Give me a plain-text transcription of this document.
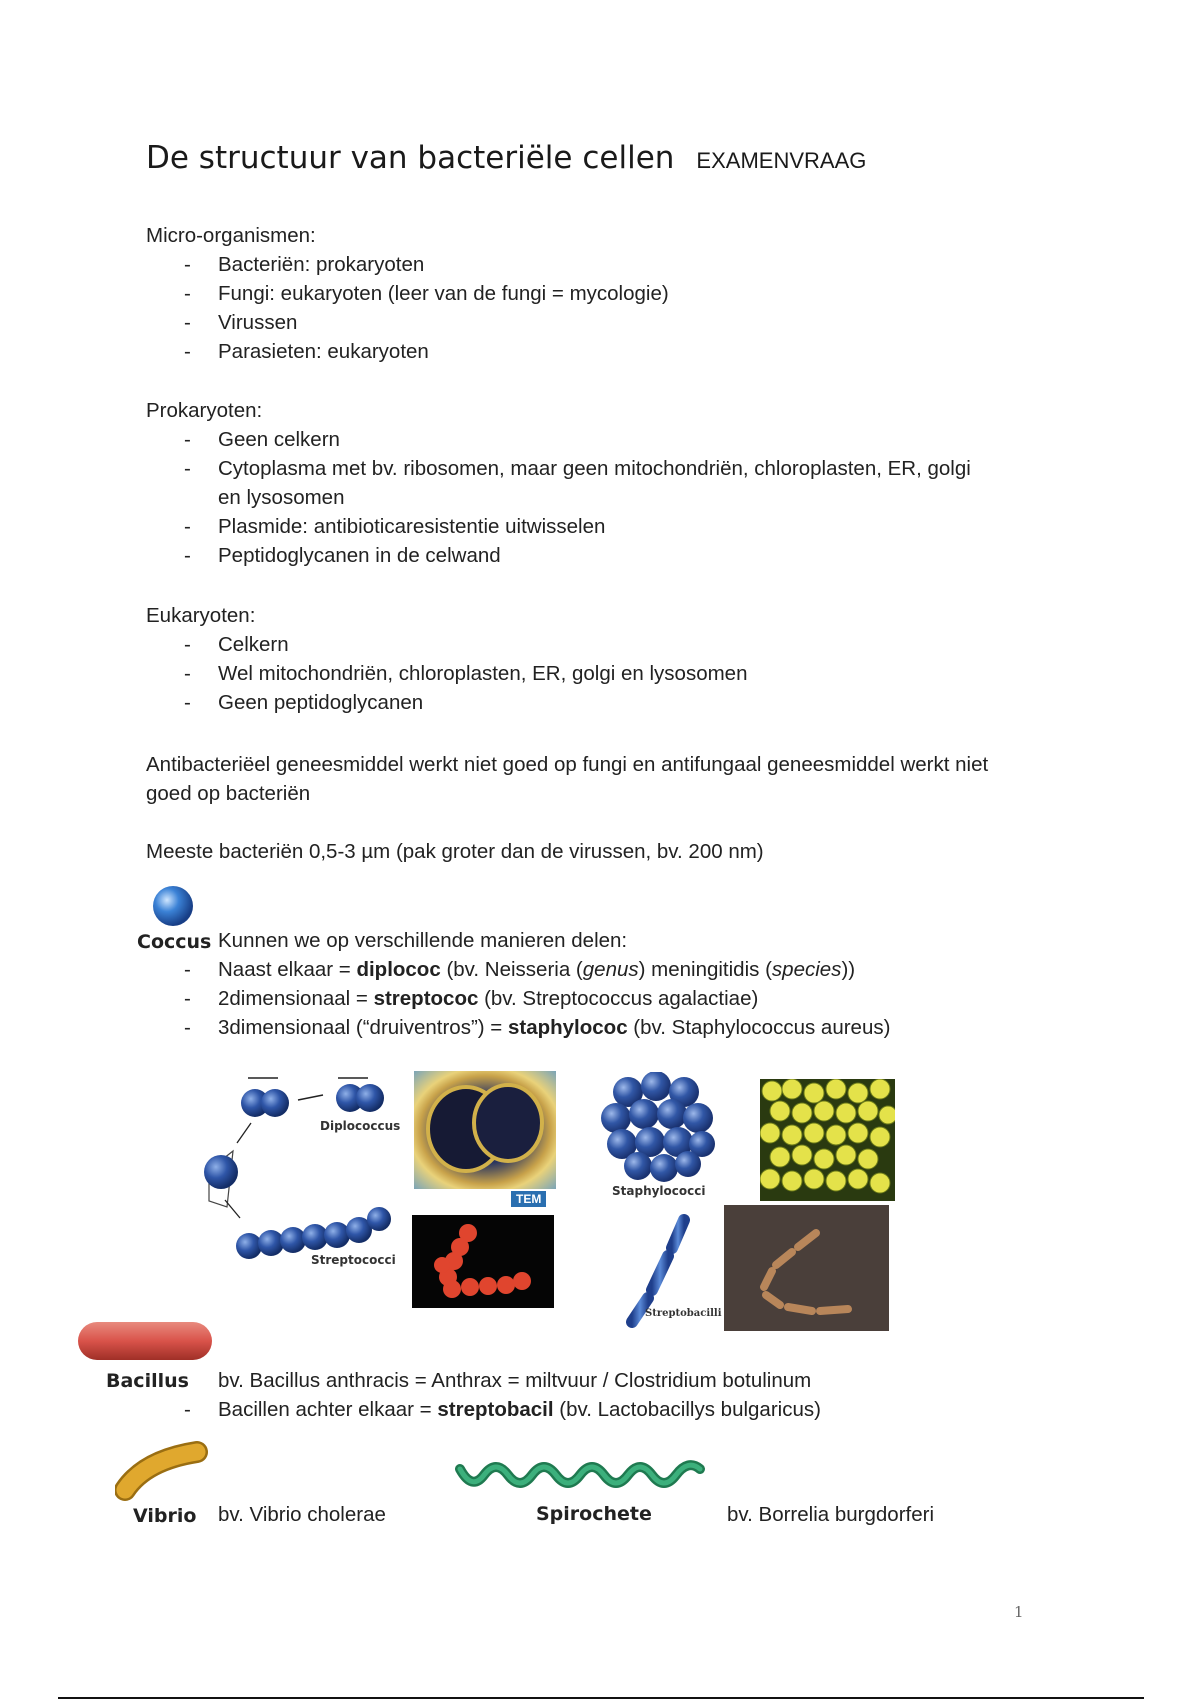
De structuur van bacteriële cellen EXAMENVRAAG
Micro-organismen:
- Bacteriën: prokaryoten
- Fungi: eukaryoten (leer van de fungi = mycologie)
- Virussen
- Parasieten: eukaryoten
Prokaryoten:
- Geen celkern
- Cytoplasma met bv. ribosomen, maar geen mitochondriën, chloroplasten, ER, golgi en lysosomen
- Plasmide: antibioticaresistentie uitwisselen
- Peptidoglycanen in de celwand
Eukaryoten:
- Celkern
- Wel mitochondriën, chloroplasten, ER, golgi en lysosomen
- Geen peptidoglycanen
Antibacteriëel geneesmiddel werkt niet goed op fungi en antifungaal geneesmiddel werkt niet goed op bacteriën
Meeste bacteriën 0,5-3 µm (pak groter dan de virussen, bv. 200 nm)
Coccus Kunnen we op verschillende manieren delen:
- Naast elkaar = diplococ (bv. Neisseria (genus) meningitidis (species))
- 2dimensionaal = streptococ (bv. Streptococcus agalactiae)
- 3dimensionaal (“druiventros”) = staphylococ (bv. Staphylococcus aureus)
Diplococcus
Streptococci
TEM
Staphylococci
Streptobacilli
Bacillus bv. Bacillus anthracis = Anthrax = miltvuur / Clostridium botulinum
- Bacillen achter elkaar = streptobacil (bv. Lactobacillys bulgaricus)
Vibrio bv. Vibrio cholerae	Spirochete	bv. Borrelia burgdorferi
1
